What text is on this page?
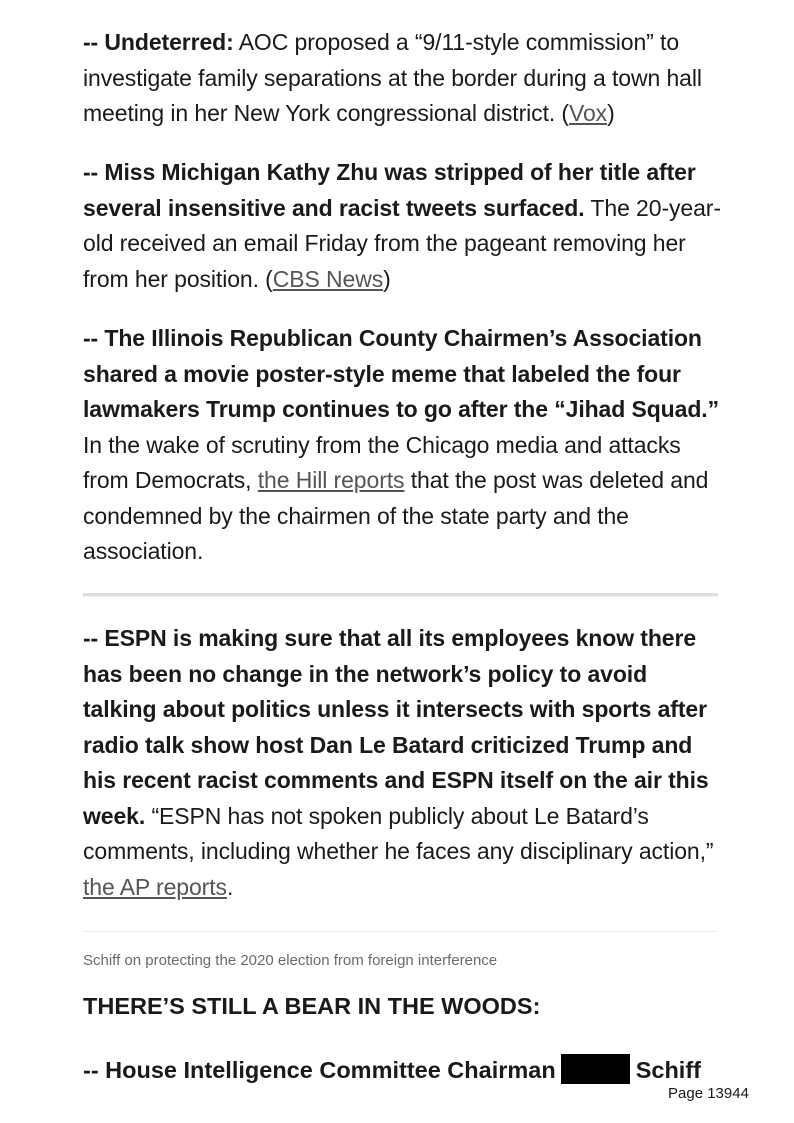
-- Undeterred: AOC proposed a “9/11-style commission” to investigate family separations at the border during a town hall meeting in her New York congressional district. (Vox)

-- Miss Michigan Kathy Zhu was stripped of her title after several insensitive and racist tweets surfaced. The 20-year-old received an email Friday from the pageant removing her from her position. (CBS News)

-- The Illinois Republican County Chairmen’s Association shared a movie poster-style meme that labeled the four lawmakers Trump continues to go after the “Jihad Squad.” In the wake of scrutiny from the Chicago media and attacks from Democrats, the Hill reports that the post was deleted and condemned by the chairmen of the state party and the association.

-- ESPN is making sure that all its employees know there has been no change in the network’s policy to avoid talking about politics unless it intersects with sports after radio talk show host Dan Le Batard criticized Trump and his recent racist comments and ESPN itself on the air this week. “ESPN has not spoken publicly about Le Batard’s comments, including whether he faces any disciplinary action,” the AP reports.

Schiff on protecting the 2020 election from foreign interference
THERE’S STILL A BEAR IN THE WOODS:
-- House Intelligence Committee Chairman	Schiff
Page 13944
